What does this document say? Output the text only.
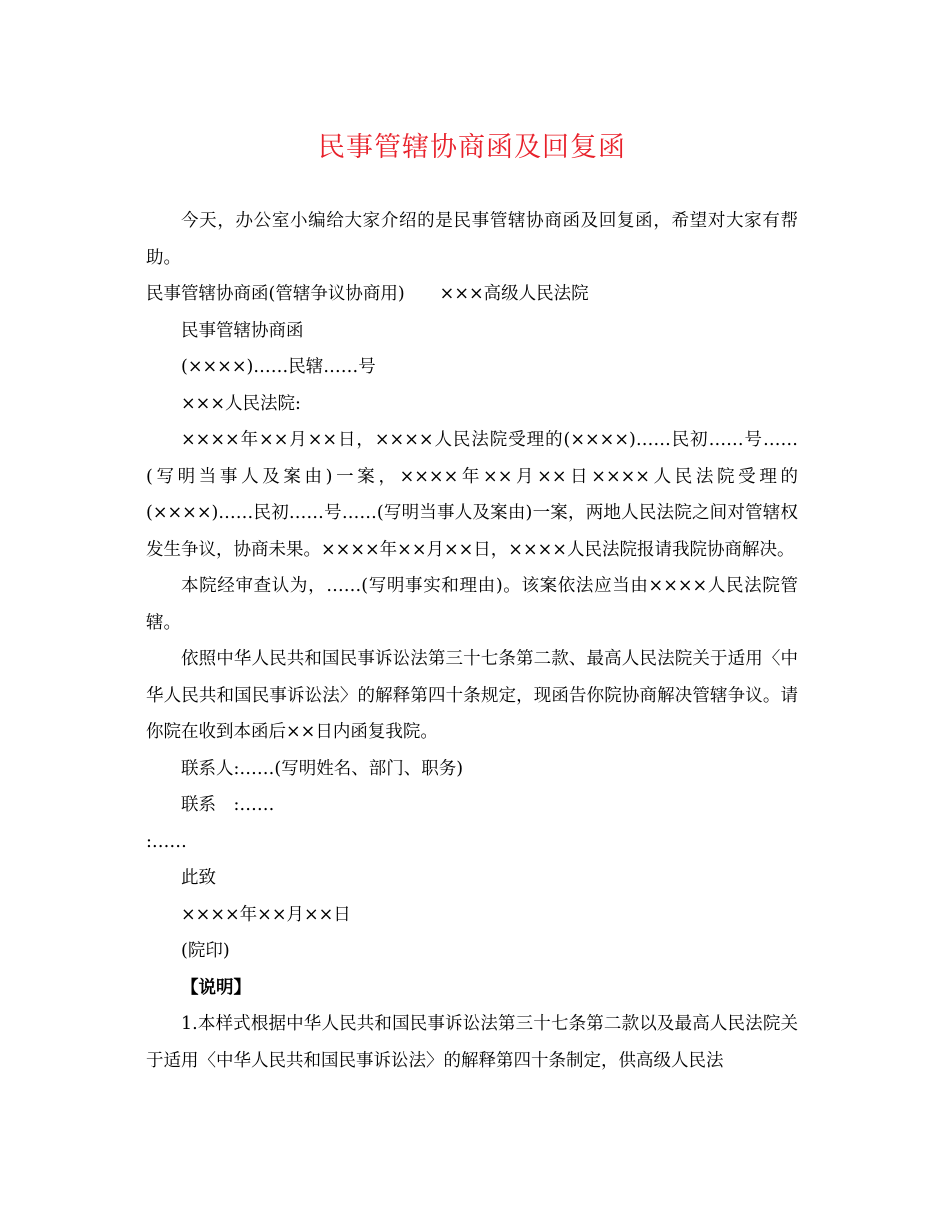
民事管辖协商函及回复函

今天，办公室小编给大家介绍的是民事管辖协商函及回复函，希望对大家有帮助。

民事管辖协商函(管辖争议协商用)　　×××高级人民法院

民事管辖协商函

(××××)……民辖……号

×××人民法院:

××××年××月××日，××××人民法院受理的(××××)……民初……号……(写明当事人及案由)一案，××××年××月××日××××人民法院受理的(××××)……民初……号……(写明当事人及案由)一案，两地人民法院之间对管辖权发生争议，协商未果。××××年××月××日，××××人民法院报请我院协商解决。

本院经审查认为，……(写明事实和理由)。该案依法应当由××××人民法院管辖。

依照中华人民共和国民事诉讼法第三十七条第二款、最高人民法院关于适用〈中华人民共和国民事诉讼法〉的解释第四十条规定，现函告你院协商解决管辖争议。请你院在收到本函后××日内函复我院。

联系人:……(写明姓名、部门、职务)

联系　:……

:……

此致

××××年××月××日

(院印)

【说明】

1.本样式根据中华人民共和国民事诉讼法第三十七条第二款以及最高人民法院关于适用〈中华人民共和国民事诉讼法〉的解释第四十条制定，供高级人民法
